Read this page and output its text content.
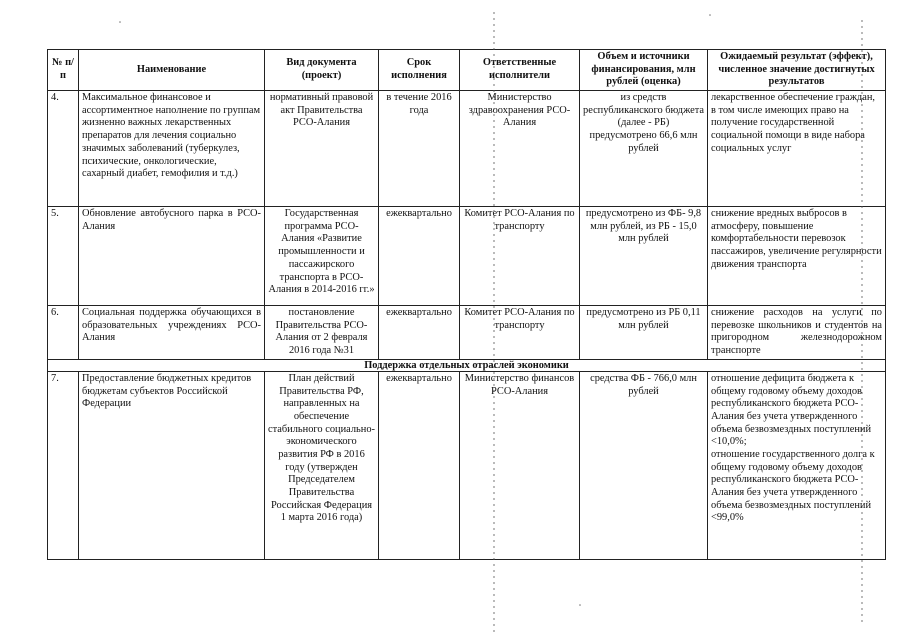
№ п/п	Наименование	Вид документа (проект)	Срок исполнения	Ответственные исполнители	Объем и источники финансирования, млн рублей (оценка)	Ожидаемый результат (эффект), численное значение достигнутых результатов
4.	Максимальное финансовое и ассортиментное наполнение по группам жизненно важных лекарственных препаратов для лечения социально значимых заболеваний (туберкулез, психические, онкологические, сахарный диабет, гемофилия и т.д.)	нормативный правовой акт Правительства РСО-Алания	в течение 2016 года	Министерство здравоохранения РСО-Алания	из средств республиканского бюджета (далее - РБ) предусмотрено 66,6 млн рублей	лекарственное обеспечение граждан, в том числе имеющих право на получение государственной социальной помощи в виде набора социальных услуг
5.	Обновление автобусного парка в РСО-Алания	Государственная программа РСО-Алания «Развитие промышленности и пассажирского транспорта в РСО-Алания в 2014-2016 гг.»	ежеквартально	Комитет РСО-Алания по транспорту	предусмотрено из ФБ- 9,8 млн рублей, из РБ - 15,0 млн рублей	снижение вредных выбросов в атмосферу, повышение комфортабельности перевозок пассажиров, увеличение регулярности движения транспорта
6.	Социальная поддержка обучающихся в образовательных учреждениях РСО-Алания	постановление Правительства РСО-Алания от 2 февраля 2016 года №31	ежеквартально	Комитет РСО-Алания по транспорту	предусмотрено из РБ 0,11 млн рублей	снижение расходов на услуги по перевозке школьников и студентов на пригородном железнодорожном транспорте
Поддержка отдельных отраслей экономики						
7.	Предоставление бюджетных кредитов бюджетам субъектов Российской Федерации	План действий Правительства РФ, направленных на обеспечение стабильного социально-экономического развития РФ в 2016 году (утвержден Председателем Правительства Российская Федерация 1 марта 2016 года)	ежеквартально	Министерство финансов РСО-Алания	средства ФБ - 766,0 млн рублей	отношение дефицита бюджета к общему годовому объему доходов республиканского бюджета РСО-Алания без учета утвержденного объема безвозмездных поступлений <10,0%;
отношение государственного долга к общему годовому объему доходов республиканского бюджета РСО-Алания без учета утвержденного объема безвозмездных поступлений <99,0%
